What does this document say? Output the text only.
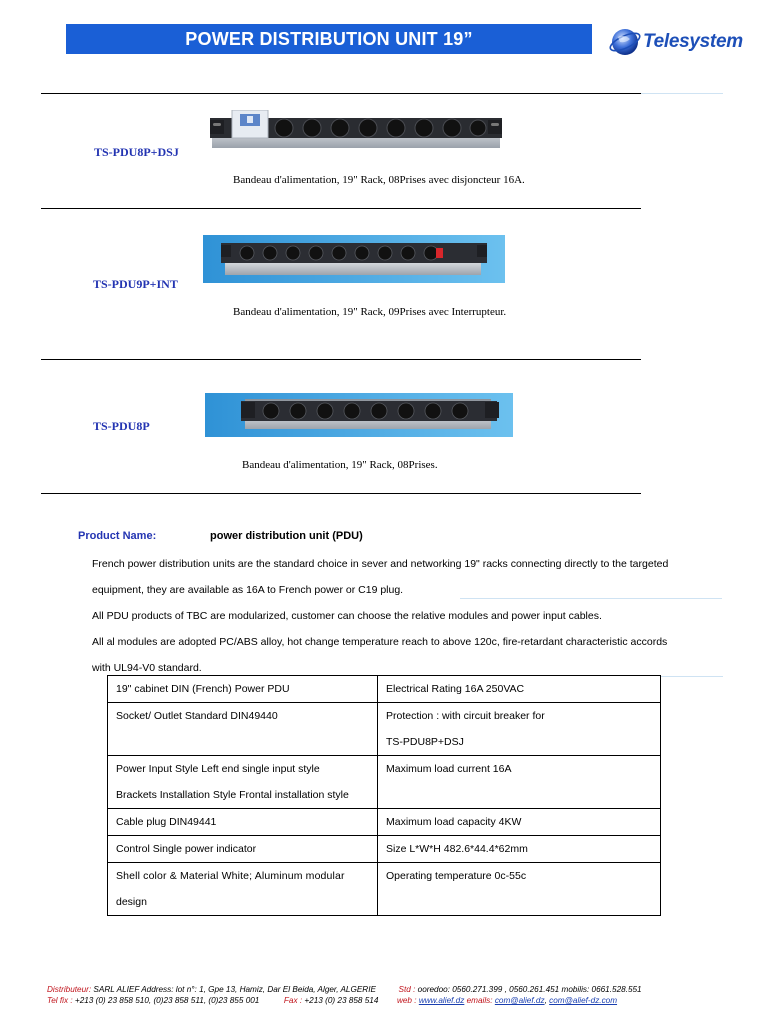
POWER DISTRIBUTION UNIT 19”	Telesystem
TS-PDU8P+DSJ
Bandeau d'alimentation, 19" Rack, 08Prises avec disjoncteur 16A.
TS-PDU9P+INT
Bandeau d'alimentation, 19" Rack, 09Prises avec Interrupteur.
TS-PDU8P
Bandeau d'alimentation, 19" Rack, 08Prises.
Product Name:	power distribution unit (PDU)
French power distribution units are the standard choice in sever and networking 19" racks connecting directly to the targeted
equipment, they are available as 16A to French power or C19 plug.
All PDU products of TBC are modularized, customer can choose the relative modules and power input cables.
All al modules are adopted PC/ABS alloy, hot change temperature reach to above 120c, fire-retardant characteristic accords
with UL94-V0 standard.
19" cabinet DIN (French) Power PDU	Electrical Rating 16A 250VAC

Socket/ Outlet Standard DIN49440	Protection : with circuit breaker for
TS-PDU8P+DSJ

Power Input Style Left end single input style
Brackets Installation Style Frontal installation style	Maximum load current 16A

Cable plug DIN49441	Maximum load capacity 4KW

Control Single power indicator	Size L*W*H 482.6*44.4*62mm

Shell color & Material White; Aluminum modular
design	Operating temperature 0c-55c
Distributeur: SARL ALIEF Address: lot n°: 1, Gpe 13, Hamiz, Dar El Beida, Alger, ALGERIE	Std : ooredoo: 0560.271.399 , 0560.261.451 mobilis: 0661.528.551
Tel fix : +213 (0) 23 858 510, (0)23 858 511, (0)23 855 001	Fax : +213 (0) 23 858 514 web : www.alief.dz emails: com@alief.dz, com@alief-dz.com
